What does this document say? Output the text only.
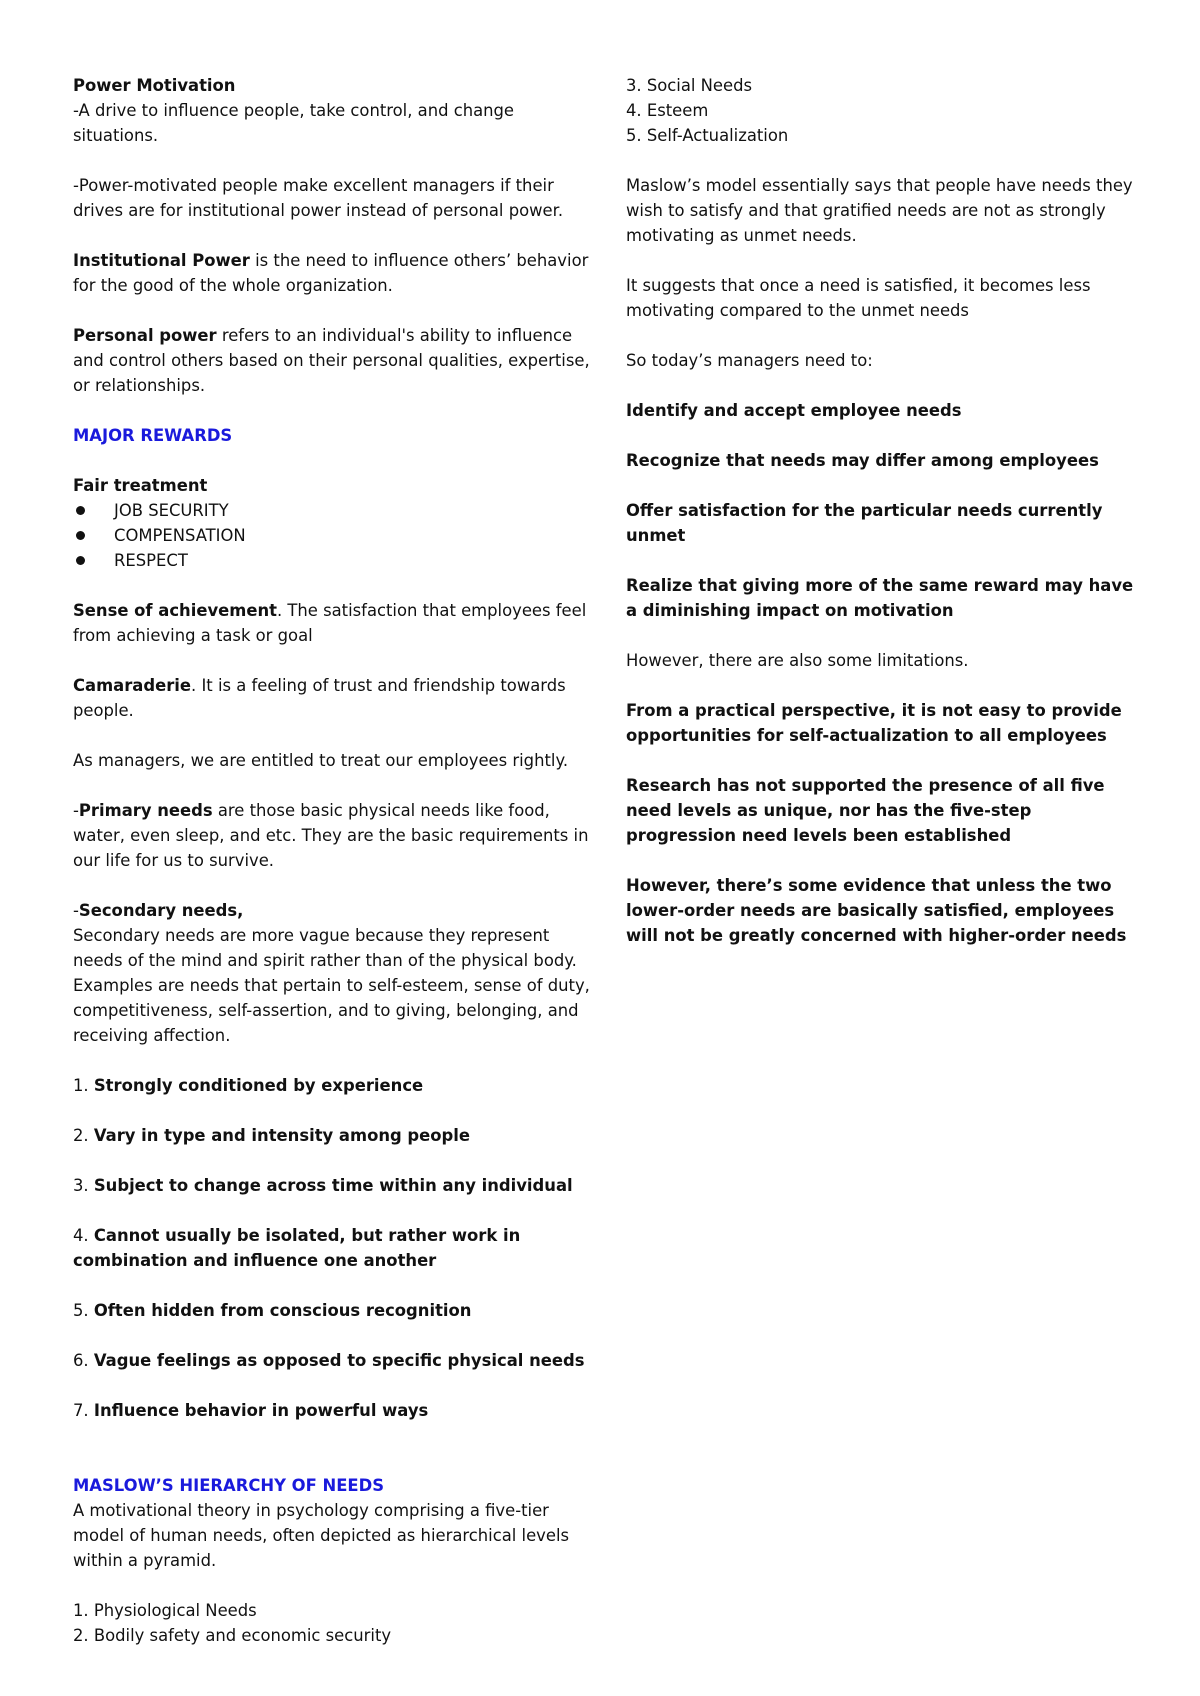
Power Motivation

-A drive to influence people, take control, and change situations.

-Power-motivated people make excellent managers if their drives are for institutional power instead of personal power.

Institutional Power is the need to influence others’ behavior for the good of the whole organization.

Personal power refers to an individual's ability to influence and control others based on their personal qualities, expertise, or relationships.

MAJOR REWARDS

Fair treatment

JOB SECURITY
COMPENSATION
RESPECT

Sense of achievement. The satisfaction that employees feel from achieving a task or goal

Camaraderie. It is a feeling of trust and friendship towards people.

As managers, we are entitled to treat our employees rightly.

-Primary needs are those basic physical needs like food, water, even sleep, and etc. They are the basic requirements in our life for us to survive.

-Secondary needs,

Secondary needs are more vague because they represent needs of the mind and spirit rather than of the physical body. Examples are needs that pertain to self-esteem, sense of duty, competitiveness, self-assertion, and to giving, belonging, and receiving affection.

1. Strongly conditioned by experience

2. Vary in type and intensity among people

3. Subject to change across time within any individual

4. Cannot usually be isolated, but rather work in combination and influence one another

5. Often hidden from conscious recognition

6. Vague feelings as opposed to specific physical needs

7. Influence behavior in powerful ways

MASLOW’S HIERARCHY OF NEEDS

A motivational theory in psychology comprising a five-tier model of human needs, often depicted as hierarchical levels within a pyramid.

1. Physiological Needs

2. Bodily safety and economic security

3. Social Needs

4. Esteem

5. Self-Actualization

Maslow’s model essentially says that people have needs they wish to satisfy and that gratified needs are not as strongly motivating as unmet needs.

It suggests that once a need is satisfied, it becomes less motivating compared to the unmet needs

So today’s managers need to:

Identify and accept employee needs

Recognize that needs may differ among employees

Offer satisfaction for the particular needs currently unmet

Realize that giving more of the same reward may have a diminishing impact on motivation

However, there are also some limitations.

From a practical perspective, it is not easy to provide opportunities for self-actualization to all employees

Research has not supported the presence of all five need levels as unique, nor has the five-step progression need levels been established

However, there’s some evidence that unless the two lower-order needs are basically satisfied, employees will not be greatly concerned with higher-order needs
